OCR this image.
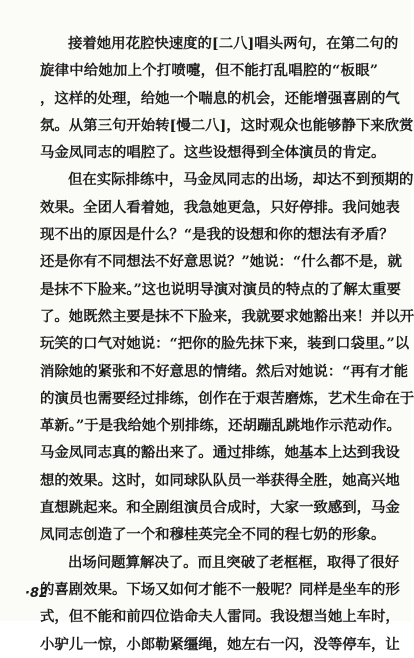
接着她用花腔快速度的[二八]唱头两句，在第二句的
旋律中给她加上个打喷嚏，但不能打乱唱腔的“板眼”
，这样的处理，给她一个喘息的机会，还能增强喜剧的气
氛。从第三句开始转[慢二八]，这时观众也能够静下来欣赏
马金凤同志的唱腔了。这些设想得到全体演员的肯定。
但在实际排练中，马金凤同志的出场，却达不到预期的
效果。全团人看着她，我急她更急，只好停排。我问她表
现不出的原因是什么？“是我的设想和你的想法有矛盾？
还是你有不同想法不好意思说？”她说：“什么都不是，就
是抹不下脸来。”这也说明导演对演员的特点的了解太重要
了。她既然主要是抹不下脸来，我就要求她豁出来！并以开
玩笑的口气对她说：“把你的脸先抹下来，装到口袋里。”以
消除她的紧张和不好意思的情绪。然后对她说：“再有才能
的演员也需要经过排练，创作在于艰苦磨炼，艺术生命在于
革新。”于是我给她个别排练，还胡蹦乱跳地作示范动作。
马金凤同志真的豁出来了。通过排练，她基本上达到我设
想的效果。这时，如同球队队员一举获得全胜，她高兴地
直想跳起来。和全剧组演员合成时，大家一致感到，马金
凤同志创造了一个和穆桂英完全不同的程七奶的形象。
出场问题算解决了。而且突破了老框框，取得了很好
的喜剧效果。下场又如何才能不一般呢？同样是坐车的形
式，但不能和前四位诰命夫人雷同。我设想当她上车时，
小驴儿一惊，小郎勒紧缰绳，她左右一闪，没等停车，让
·82
